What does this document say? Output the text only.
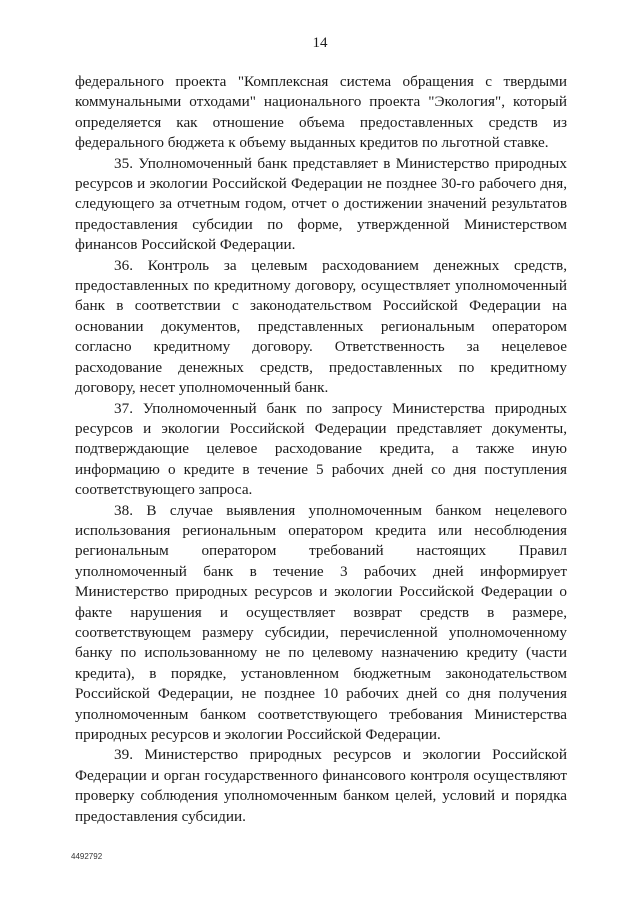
14

федерального проекта "Комплексная система обращения с твердыми коммунальными отходами" национального проекта "Экология", который определяется как отношение объема предоставленных средств из федерального бюджета к объему выданных кредитов по льготной ставке.

35. Уполномоченный банк представляет в Министерство природных ресурсов и экологии Российской Федерации не позднее 30-го рабочего дня, следующего за отчетным годом, отчет о достижении значений результатов предоставления субсидии по форме, утвержденной Министерством финансов Российской Федерации.

36. Контроль за целевым расходованием денежных средств, предоставленных по кредитному договору, осуществляет уполномоченный банк в соответствии с законодательством Российской Федерации на основании документов, представленных региональным оператором согласно кредитному договору. Ответственность за нецелевое расходование денежных средств, предоставленных по кредитному договору, несет уполномоченный банк.

37. Уполномоченный банк по запросу Министерства природных ресурсов и экологии Российской Федерации представляет документы, подтверждающие целевое расходование кредита, а также иную информацию о кредите в течение 5 рабочих дней со дня поступления соответствующего запроса.

38. В случае выявления уполномоченным банком нецелевого использования региональным оператором кредита или несоблюдения региональным оператором требований настоящих Правил уполномоченный банк в течение 3 рабочих дней информирует Министерство природных ресурсов и экологии Российской Федерации о факте нарушения и осуществляет возврат средств в размере, соответствующем размеру субсидии, перечисленной уполномоченному банку по использованному не по целевому назначению кредиту (части кредита), в порядке, установленном бюджетным законодательством Российской Федерации, не позднее 10 рабочих дней со дня получения уполномоченным банком соответствующего требования Министерства природных ресурсов и экологии Российской Федерации.

39. Министерство природных ресурсов и экологии Российской Федерации и орган государственного финансового контроля осуществляют проверку соблюдения уполномоченным банком целей, условий и порядка предоставления субсидии.

4492792
